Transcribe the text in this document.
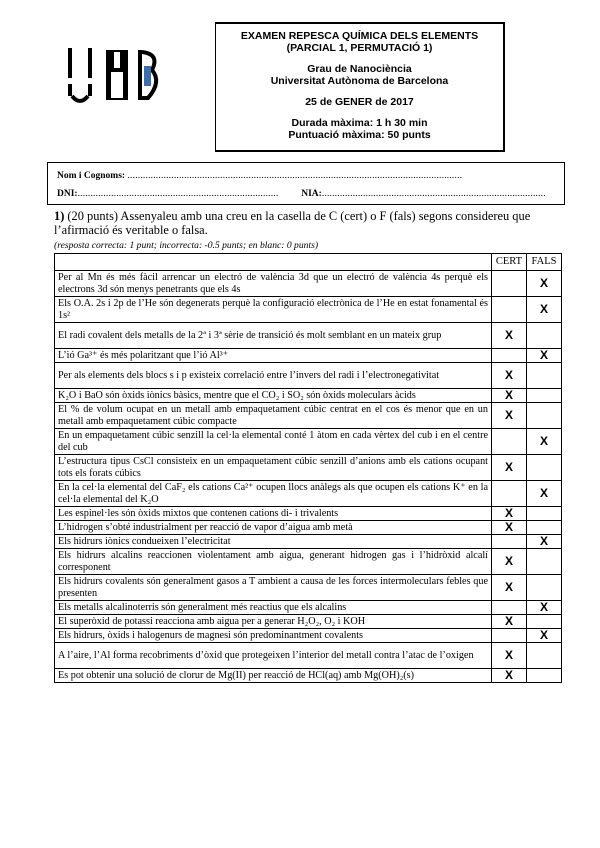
EXAMEN REPESCA QUÍMICA DELS ELEMENTS
(PARCIAL 1, PERMUTACIÓ 1)
Grau de Nanociència
Universitat Autònoma de Barcelona
25 de GENER de 2017
Durada màxima: 1 h 30 min
Puntuació màxima: 50 punts
Nom i Cognoms: ..................................................................................................................................
DNI:.............................................................................. NIA:.......................................................................................
1) (20 punts) Assenyaleu amb una creu en la casella de C (cert) o F (fals) segons considereu que l’afirmació és veritable o falsa.
(resposta correcta: 1 punt; incorrecta: -0.5 punts; en blanc: 0 punts)
	CERT	FALS
Per al Mn és més fàcil arrencar un electró de valència 3d que un electró de valència 4s perquè els electrons 3d són menys penetrants que els 4s		X
Els O.A. 2s i 2p de l’He són degenerats perquè la configuració electrònica de l’He en estat fonamental és 1s²		X
El radi covalent dels metalls de la 2ª i 3ª sèrie de transició és molt semblant en un mateix grup	X	
L’ió Ga³⁺ és més polaritzant que l’ió Al³⁺		X
Per als elements dels blocs s i p existeix correlació entre l’invers del radi i l’electronegativitat	X	
K₂O i BaO són òxids iònics bàsics, mentre que el CO₂ i SO₂ són òxids moleculars àcids	X	
El % de volum ocupat en un metall amb empaquetament cúbic centrat en el cos és menor que en un metall amb empaquetament cúbic compacte	X	
En un empaquetament cúbic senzill la cel·la elemental conté 1 àtom en cada vèrtex del cub i en el centre del cub		X
L’estructura tipus CsCl consisteix en un empaquetament cúbic senzill d’anions amb els cations ocupant tots els forats cúbics	X	
En la cel·la elemental del CaF₂ els cations Ca²⁺ ocupen llocs anàlegs als que ocupen els cations K⁺ en la cel·la elemental del K₂O		X
Les espinel·les són òxids mixtos que contenen cations di- i trivalents	X	
L’hidrogen s’obté industrialment per reacció de vapor d’aigua amb metà	X	
Els hidrurs iònics condueixen l’electricitat		X
Els hidrurs alcalins reaccionen violentament amb aigua, generant hidrogen gas i l’hidròxid alcalí corresponent	X	
Els hidrurs covalents són generalment gasos a T ambient a causa de les forces intermoleculars febles que presenten	X	
Els metalls alcalinoterris són generalment més reactius que els alcalins		X
El superòxid de potassi reacciona amb aigua per a generar H₂O₂, O₂ i KOH	X	
Els hidrurs, òxids i halogenurs de magnesi són predominantment covalents		X
A l’aire, l’Al forma recobriments d’òxid que protegeixen l’interior del metall contra l’atac de l’oxigen	X	
Es pot obtenir una solució de clorur de Mg(II) per reacció de HCl(aq) amb Mg(OH)₂(s)	X	
